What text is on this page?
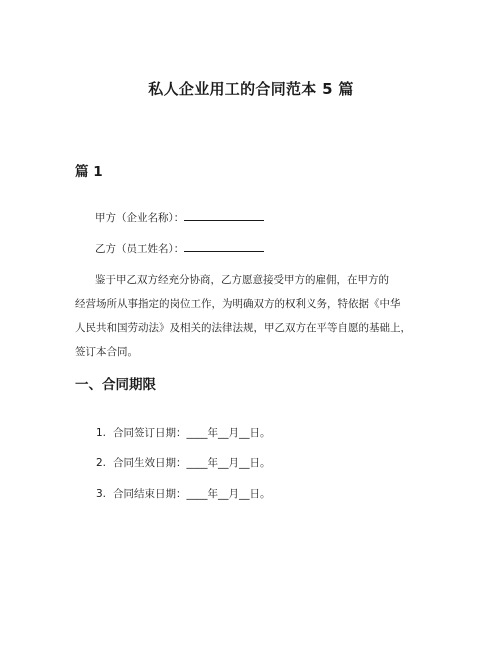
私人企业用工的合同范本 5 篇
篇 1
甲方（企业名称）：
乙方（员工姓名）：
鉴于甲乙双方经充分协商，乙方愿意接受甲方的雇佣，在甲方的
经营场所从事指定的岗位工作，为明确双方的权利义务，特依据《中华
人民共和国劳动法》及相关的法律法规，甲乙双方在平等自愿的基础上，
签订本合同。
一、合同期限
1. 合同签订日期：____年__月__日。
2. 合同生效日期：____年__月__日。
3. 合同结束日期：____年__月__日。
